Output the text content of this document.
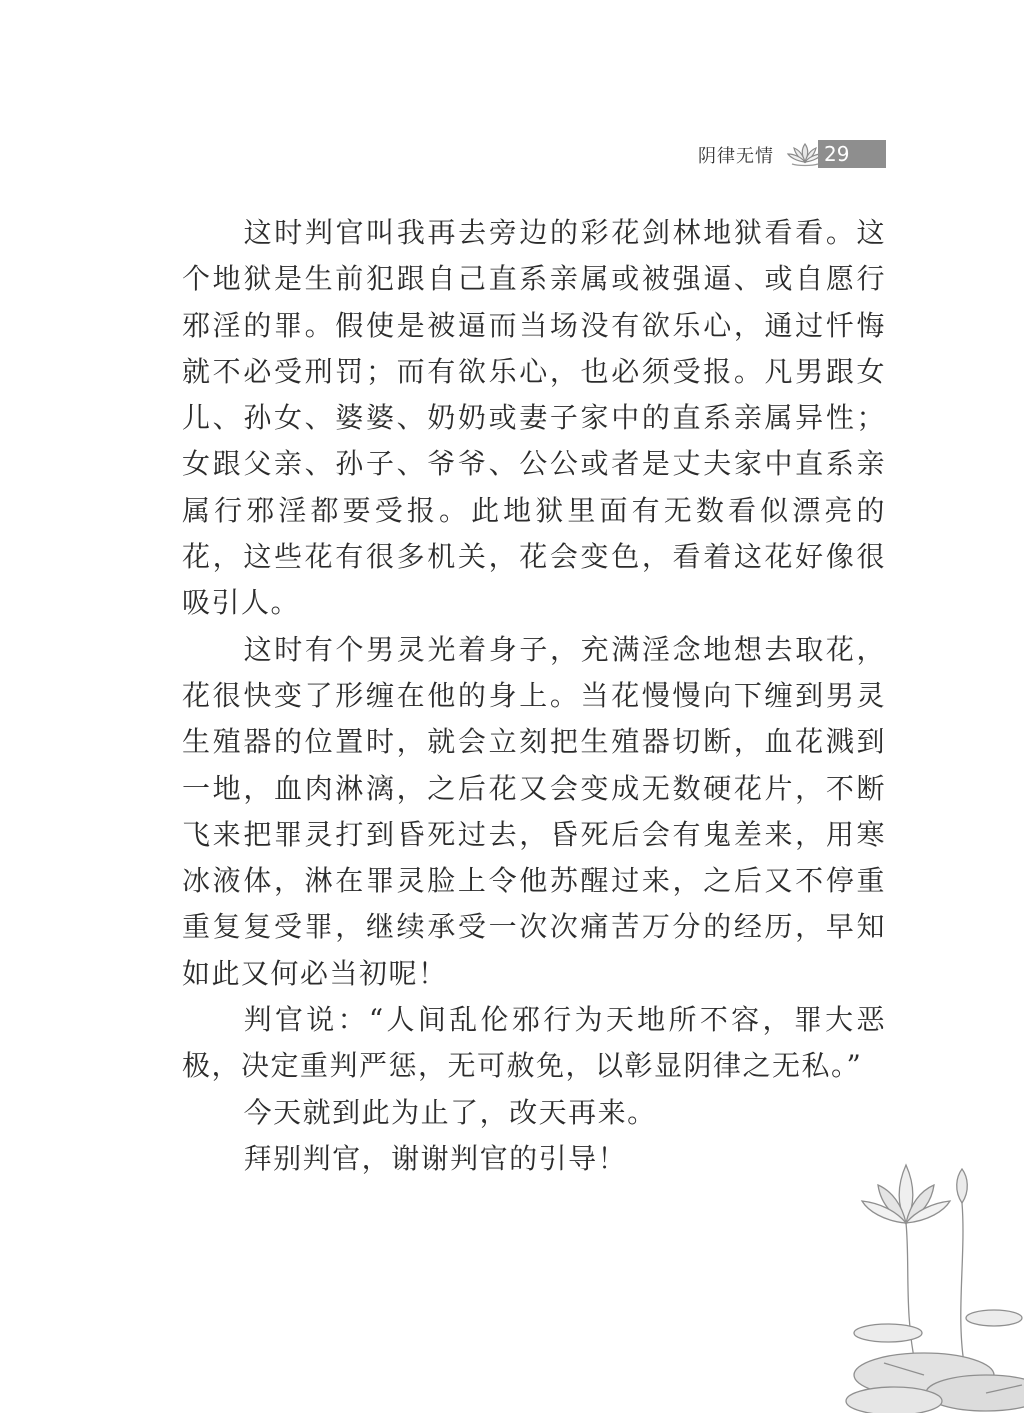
阴律无情	29

这时判官叫我再去旁边的彩花剑林地狱看看。这个地狱是生前犯跟自己直系亲属或被强逼、或自愿行邪淫的罪。假使是被逼而当场没有欲乐心，通过忏悔就不必受刑罚；而有欲乐心，也必须受报。凡男跟女儿、孙女、婆婆、奶奶或妻子家中的直系亲属异性；女跟父亲、孙子、爷爷、公公或者是丈夫家中直系亲属行邪淫都要受报。此地狱里面有无数看似漂亮的花，这些花有很多机关，花会变色，看着这花好像很吸引人。

这时有个男灵光着身子，充满淫念地想去取花，花很快变了形缠在他的身上。当花慢慢向下缠到男灵生殖器的位置时，就会立刻把生殖器切断，血花溅到一地，血肉淋漓，之后花又会变成无数硬花片，不断飞来把罪灵打到昏死过去，昏死后会有鬼差来，用寒冰液体，淋在罪灵脸上令他苏醒过来，之后又不停重重复复受罪，继续承受一次次痛苦万分的经历，早知如此又何必当初呢！

判官说：“人间乱伦邪行为天地所不容，罪大恶极，决定重判严惩，无可赦免，以彰显阴律之无私。”

今天就到此为止了，改天再来。

拜别判官，谢谢判官的引导！
